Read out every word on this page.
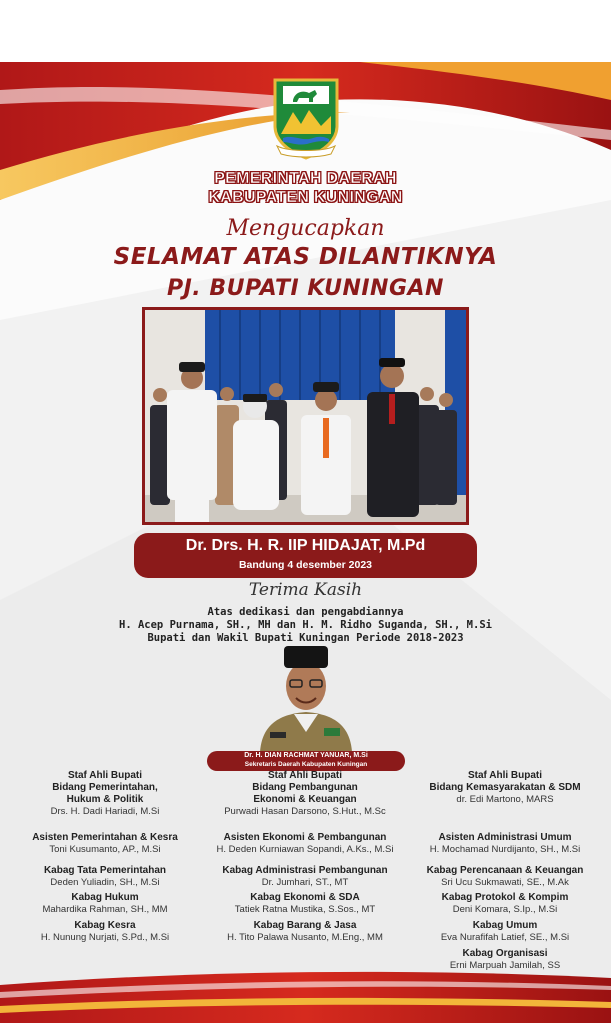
PEMERINTAH DAERAH
KABUPATEN KUNINGAN
Mengucapkan
SELAMAT ATAS DILANTIKNYA
PJ. BUPATI KUNINGAN
Dr. Drs. H. R. IIP HIDAJAT, M.Pd
Bandung 4 desember 2023
Terima Kasih
Atas dedikasi dan pengabdiannya
H. Acep Purnama, SH., MH dan H. M. Ridho Suganda, SH., M.Si
Bupati dan Wakil Bupati Kuningan Periode 2018-2023
Dr. H. DIAN RACHMAT YANUAR, M.Si
Sekretaris Daerah Kabupaten Kuningan
Staf Ahli Bupati
Bidang Pemerintahan,
Hukum & Politik
Drs. H. Dadi Hariadi, M.Si
Asisten Pemerintahan & Kesra
Toni Kusumanto, AP., M.Si
Kabag Tata Pemerintahan
Deden Yuliadin, SH., M.Si
Kabag Hukum
Mahardika Rahman, SH., MM
Kabag Kesra
H. Nunung Nurjati, S.Pd., M.Si
Staf Ahli Bupati
Bidang Pembangunan
Ekonomi & Keuangan
Purwadi Hasan Darsono, S.Hut., M.Sc
Asisten Ekonomi & Pembangunan
H. Deden Kurniawan Sopandi, A.Ks., M.Si
Kabag Administrasi Pembangunan
Dr. Jumhari, ST., MT
Kabag Ekonomi & SDA
Tatiek Ratna Mustika, S.Sos., MT
Kabag Barang & Jasa
H. Tito Palawa Nusanto, M.Eng., MM
Staf Ahli Bupati
Bidang Kemasyarakatan & SDM
dr. Edi Martono, MARS
Asisten Administrasi Umum
H. Mochamad Nurdijanto, SH., M.Si
Kabag Perencanaan & Keuangan
Sri Ucu Sukmawati, SE., M.Ak
Kabag Protokol & Kompim
Deni Komara, S.Ip., M.Si
Kabag Umum
Eva Nurafifah Latief, SE., M.Si
Kabag Organisasi
Erni Marpuah Jamilah, SS
